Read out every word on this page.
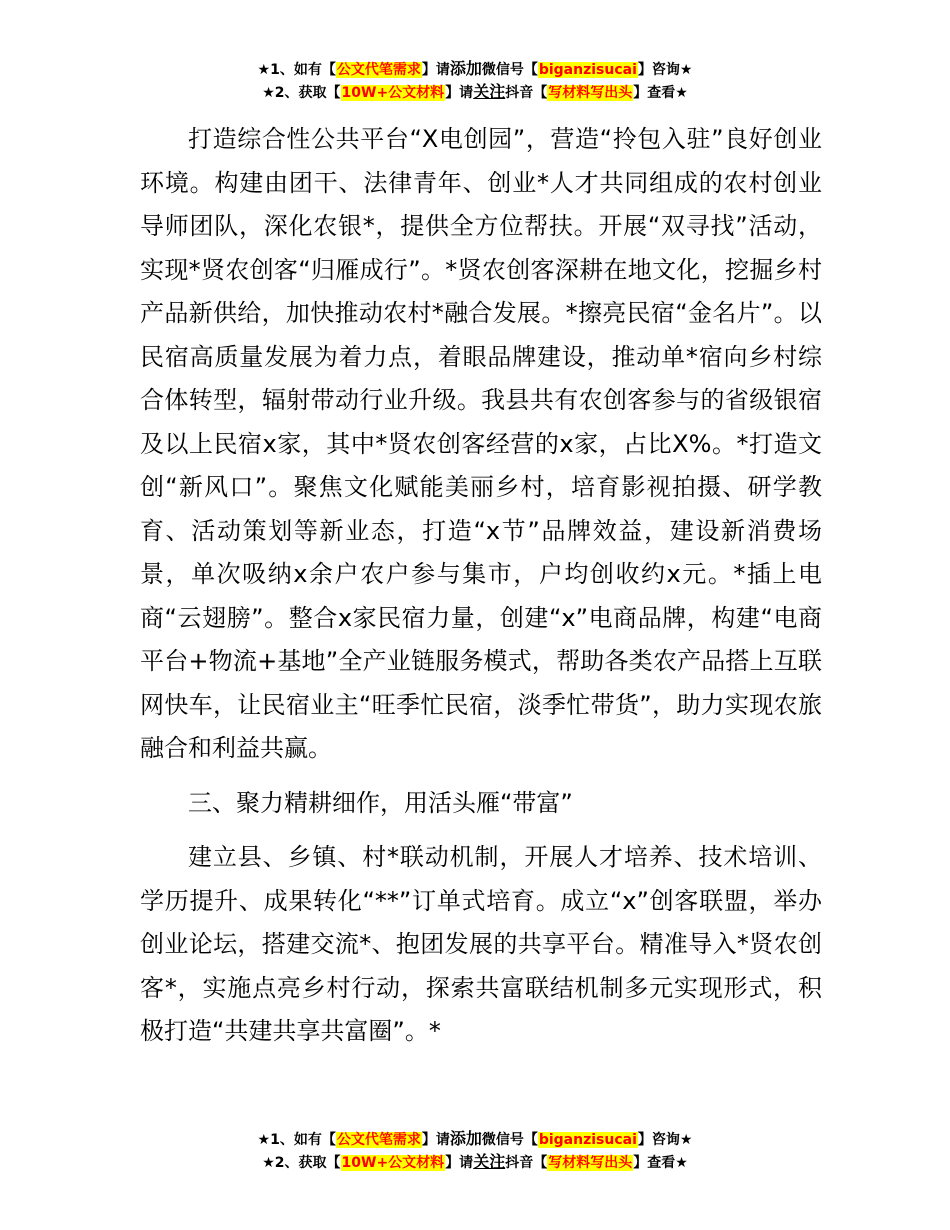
★1、如有【公文代笔需求】请添加微信号【biganzisucai】咨询★
★2、获取【10W+公文材料】请关注抖音【写材料写出头】查看★

打造综合性公共平台“X电创园”，营造“拎包入驻”良好创业环境。构建由团干、法律青年、创业*人才共同组成的农村创业导师团队，深化农银*，提供全方位帮扶。开展“双寻找”活动，实现*贤农创客“归雁成行”。*贤农创客深耕在地文化，挖掘乡村产品新供给，加快推动农村*融合发展。*擦亮民宿“金名片”。以民宿高质量发展为着力点，着眼品牌建设，推动单*宿向乡村综合体转型，辐射带动行业升级。我县共有农创客参与的省级银宿及以上民宿x家，其中*贤农创客经营的x家，占比X%。*打造文创“新风口”。聚焦文化赋能美丽乡村，培育影视拍摄、研学教育、活动策划等新业态，打造“x节”品牌效益，建设新消费场景，单次吸纳x余户农户参与集市，户均创收约x元。*插上电商“云翅膀”。整合x家民宿力量，创建“x”电商品牌，构建“电商平台+物流+基地”全产业链服务模式，帮助各类农产品搭上互联网快车，让民宿业主“旺季忙民宿，淡季忙带货”，助力实现农旅融合和利益共赢。

三、聚力精耕细作，用活头雁“带富”

建立县、乡镇、村*联动机制，开展人才培养、技术培训、学历提升、成果转化“**”订单式培育。成立“x”创客联盟，举办创业论坛，搭建交流*、抱团发展的共享平台。精准导入*贤农创客*，实施点亮乡村行动，探索共富联结机制多元实现形式，积极打造“共建共享共富圈”。*

★1、如有【公文代笔需求】请添加微信号【biganzisucai】咨询★
★2、获取【10W+公文材料】请关注抖音【写材料写出头】查看★
